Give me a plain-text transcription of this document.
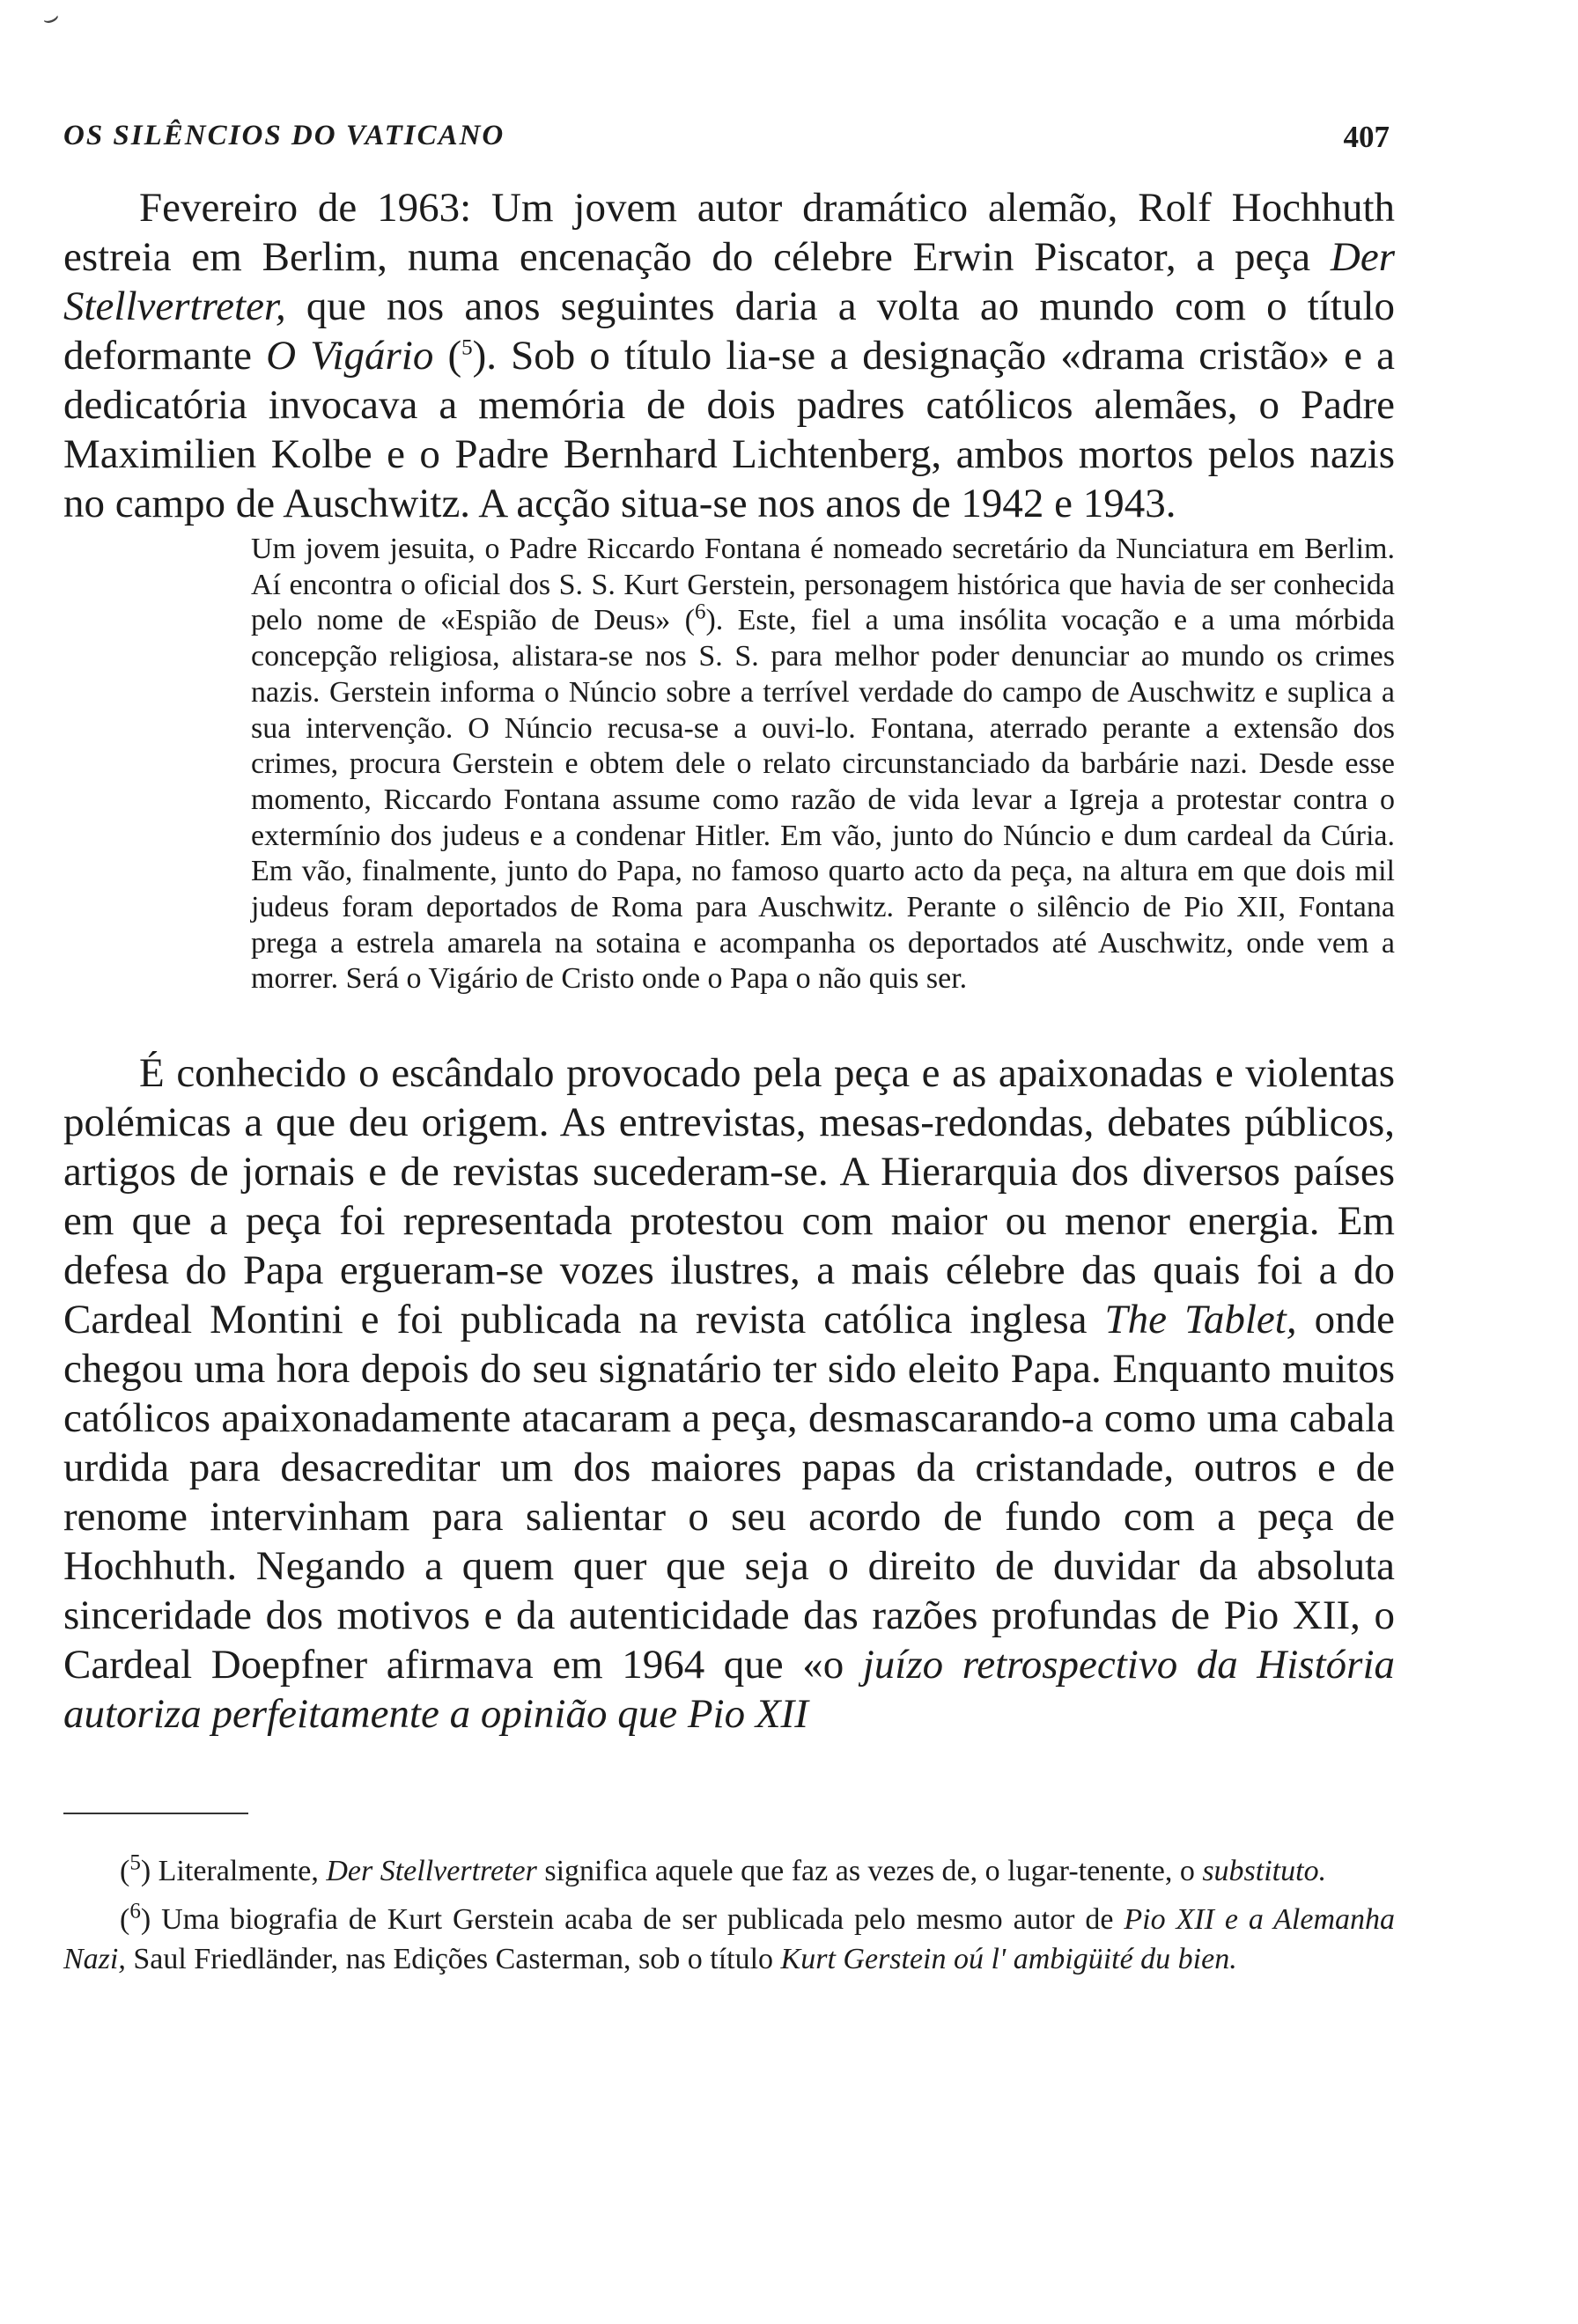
⌣
OS SILÊNCIOS DO VATICANO	407

Fevereiro de 1963: Um jovem autor dramático alemão, Rolf Hochhuth estreia em Berlim, numa encenação do célebre Erwin Piscator, a peça Der Stellvertreter, que nos anos seguintes daria a volta ao mundo com o título deformante O Vigário ($^5$). Sob o título lia-se a designação «drama cristão» e a dedicatória invocava a memória de dois padres católicos alemães, o Padre Maximilien Kolbe e o Padre Bernhard Lichtenberg, ambos mortos pelos nazis no campo de Auschwitz. A acção situa-se nos anos de 1942 e 1943.

Um jovem jesuita, o Padre Riccardo Fontana é nomeado secretário da Nunciatura em Berlim. Aí encontra o oficial dos S. S. Kurt Gerstein, personagem histórica que havia de ser conhecida pelo nome de «Espião de Deus» ($^6$). Este, fiel a uma insólita vocação e a uma mórbida concepção religiosa, alistara-se nos S. S. para melhor poder denunciar ao mundo os crimes nazis. Gerstein informa o Núncio sobre a terrível verdade do campo de Auschwitz e suplica a sua intervenção. O Núncio recusa-se a ouvi-lo. Fontana, aterrado perante a extensão dos crimes, procura Gerstein e obtem dele o relato circunstanciado da barbárie nazi. Desde esse momento, Riccardo Fontana assume como razão de vida levar a Igreja a protestar contra o extermínio dos judeus e a condenar Hitler. Em vão, junto do Núncio e dum cardeal da Cúria. Em vão, finalmente, junto do Papa, no famoso quarto acto da peça, na altura em que dois mil judeus foram deportados de Roma para Auschwitz. Perante o silêncio de Pio XII, Fontana prega a estrela amarela na sotaina e acompanha os deportados até Auschwitz, onde vem a morrer. Será o Vigário de Cristo onde o Papa o não quis ser.

É conhecido o escândalo provocado pela peça e as apaixonadas e violentas polémicas a que deu origem. As entrevistas, mesas-redondas, debates públicos, artigos de jornais e de revistas sucederam-se. A Hierarquia dos diversos países em que a peça foi representada protestou com maior ou menor energia. Em defesa do Papa ergueram-se vozes ilustres, a mais célebre das quais foi a do Cardeal Montini e foi publicada na revista católica inglesa The Tablet, onde chegou uma hora depois do seu signatário ter sido eleito Papa. Enquanto muitos católicos apaixonadamente atacaram a peça, desmascarando-a como uma cabala urdida para desacreditar um dos maiores papas da cristandade, outros e de renome intervinham para salientar o seu acordo de fundo com a peça de Hochhuth. Negando a quem quer que seja o direito de duvidar da absoluta sinceridade dos motivos e da autenticidade das razões profundas de Pio XII, o Cardeal Doepfner afirmava em 1964 que «o juízo retrospectivo da História autoriza perfeitamente a opinião que Pio XII

($^5$) Literalmente, Der Stellvertreter significa aquele que faz as vezes de, o lugar-tenente, o substituto.

($^6$) Uma biografia de Kurt Gerstein acaba de ser publicada pelo mesmo autor de Pio XII e a Alemanha Nazi, Saul Friedländer, nas Edições Casterman, sob o título Kurt Gerstein oú l' ambigüité du bien.
